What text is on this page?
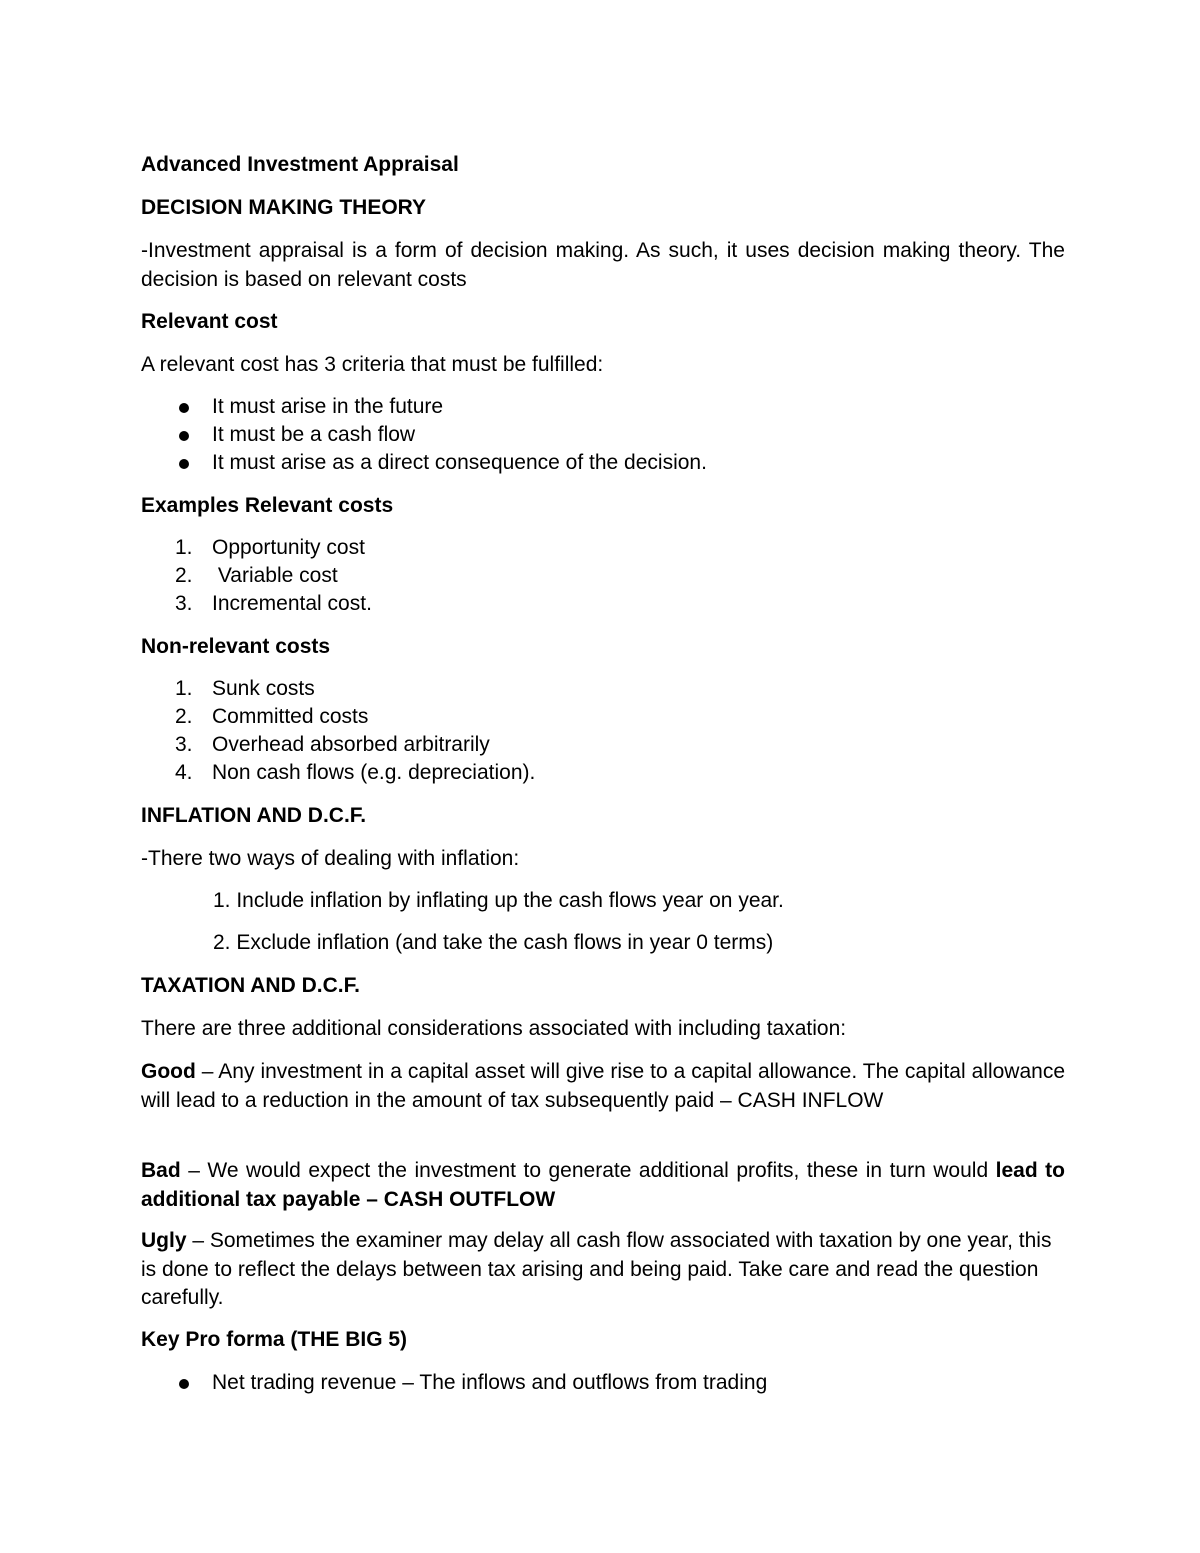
Advanced Investment Appraisal
DECISION MAKING THEORY
-Investment appraisal is a form of decision making. As such, it uses decision making theory. The decision is based on relevant costs
Relevant cost
A relevant cost has 3 criteria that must be fulfilled:
It must arise in the future
It must be a cash flow
It must arise as a direct consequence of the decision.
Examples Relevant costs
1. Opportunity cost
2. Variable cost
3. Incremental cost.
Non-relevant costs
1. Sunk costs
2. Committed costs
3. Overhead absorbed arbitrarily
4. Non cash flows (e.g. depreciation).
INFLATION AND D.C.F.
-There two ways of dealing with inflation:
1. Include inflation by inflating up the cash flows year on year.
2. Exclude inflation (and take the cash flows in year 0 terms)
TAXATION AND D.C.F.
There are three additional considerations associated with including taxation:
Good – Any investment in a capital asset will give rise to a capital allowance. The capital allowance will lead to a reduction in the amount of tax subsequently paid – CASH INFLOW
Bad – We would expect the investment to generate additional profits, these in turn would lead to additional tax payable – CASH OUTFLOW
Ugly – Sometimes the examiner may delay all cash flow associated with taxation by one year, this is done to reflect the delays between tax arising and being paid. Take care and read the question carefully.
Key Pro forma (THE BIG 5)
Net trading revenue – The inflows and outflows from trading
